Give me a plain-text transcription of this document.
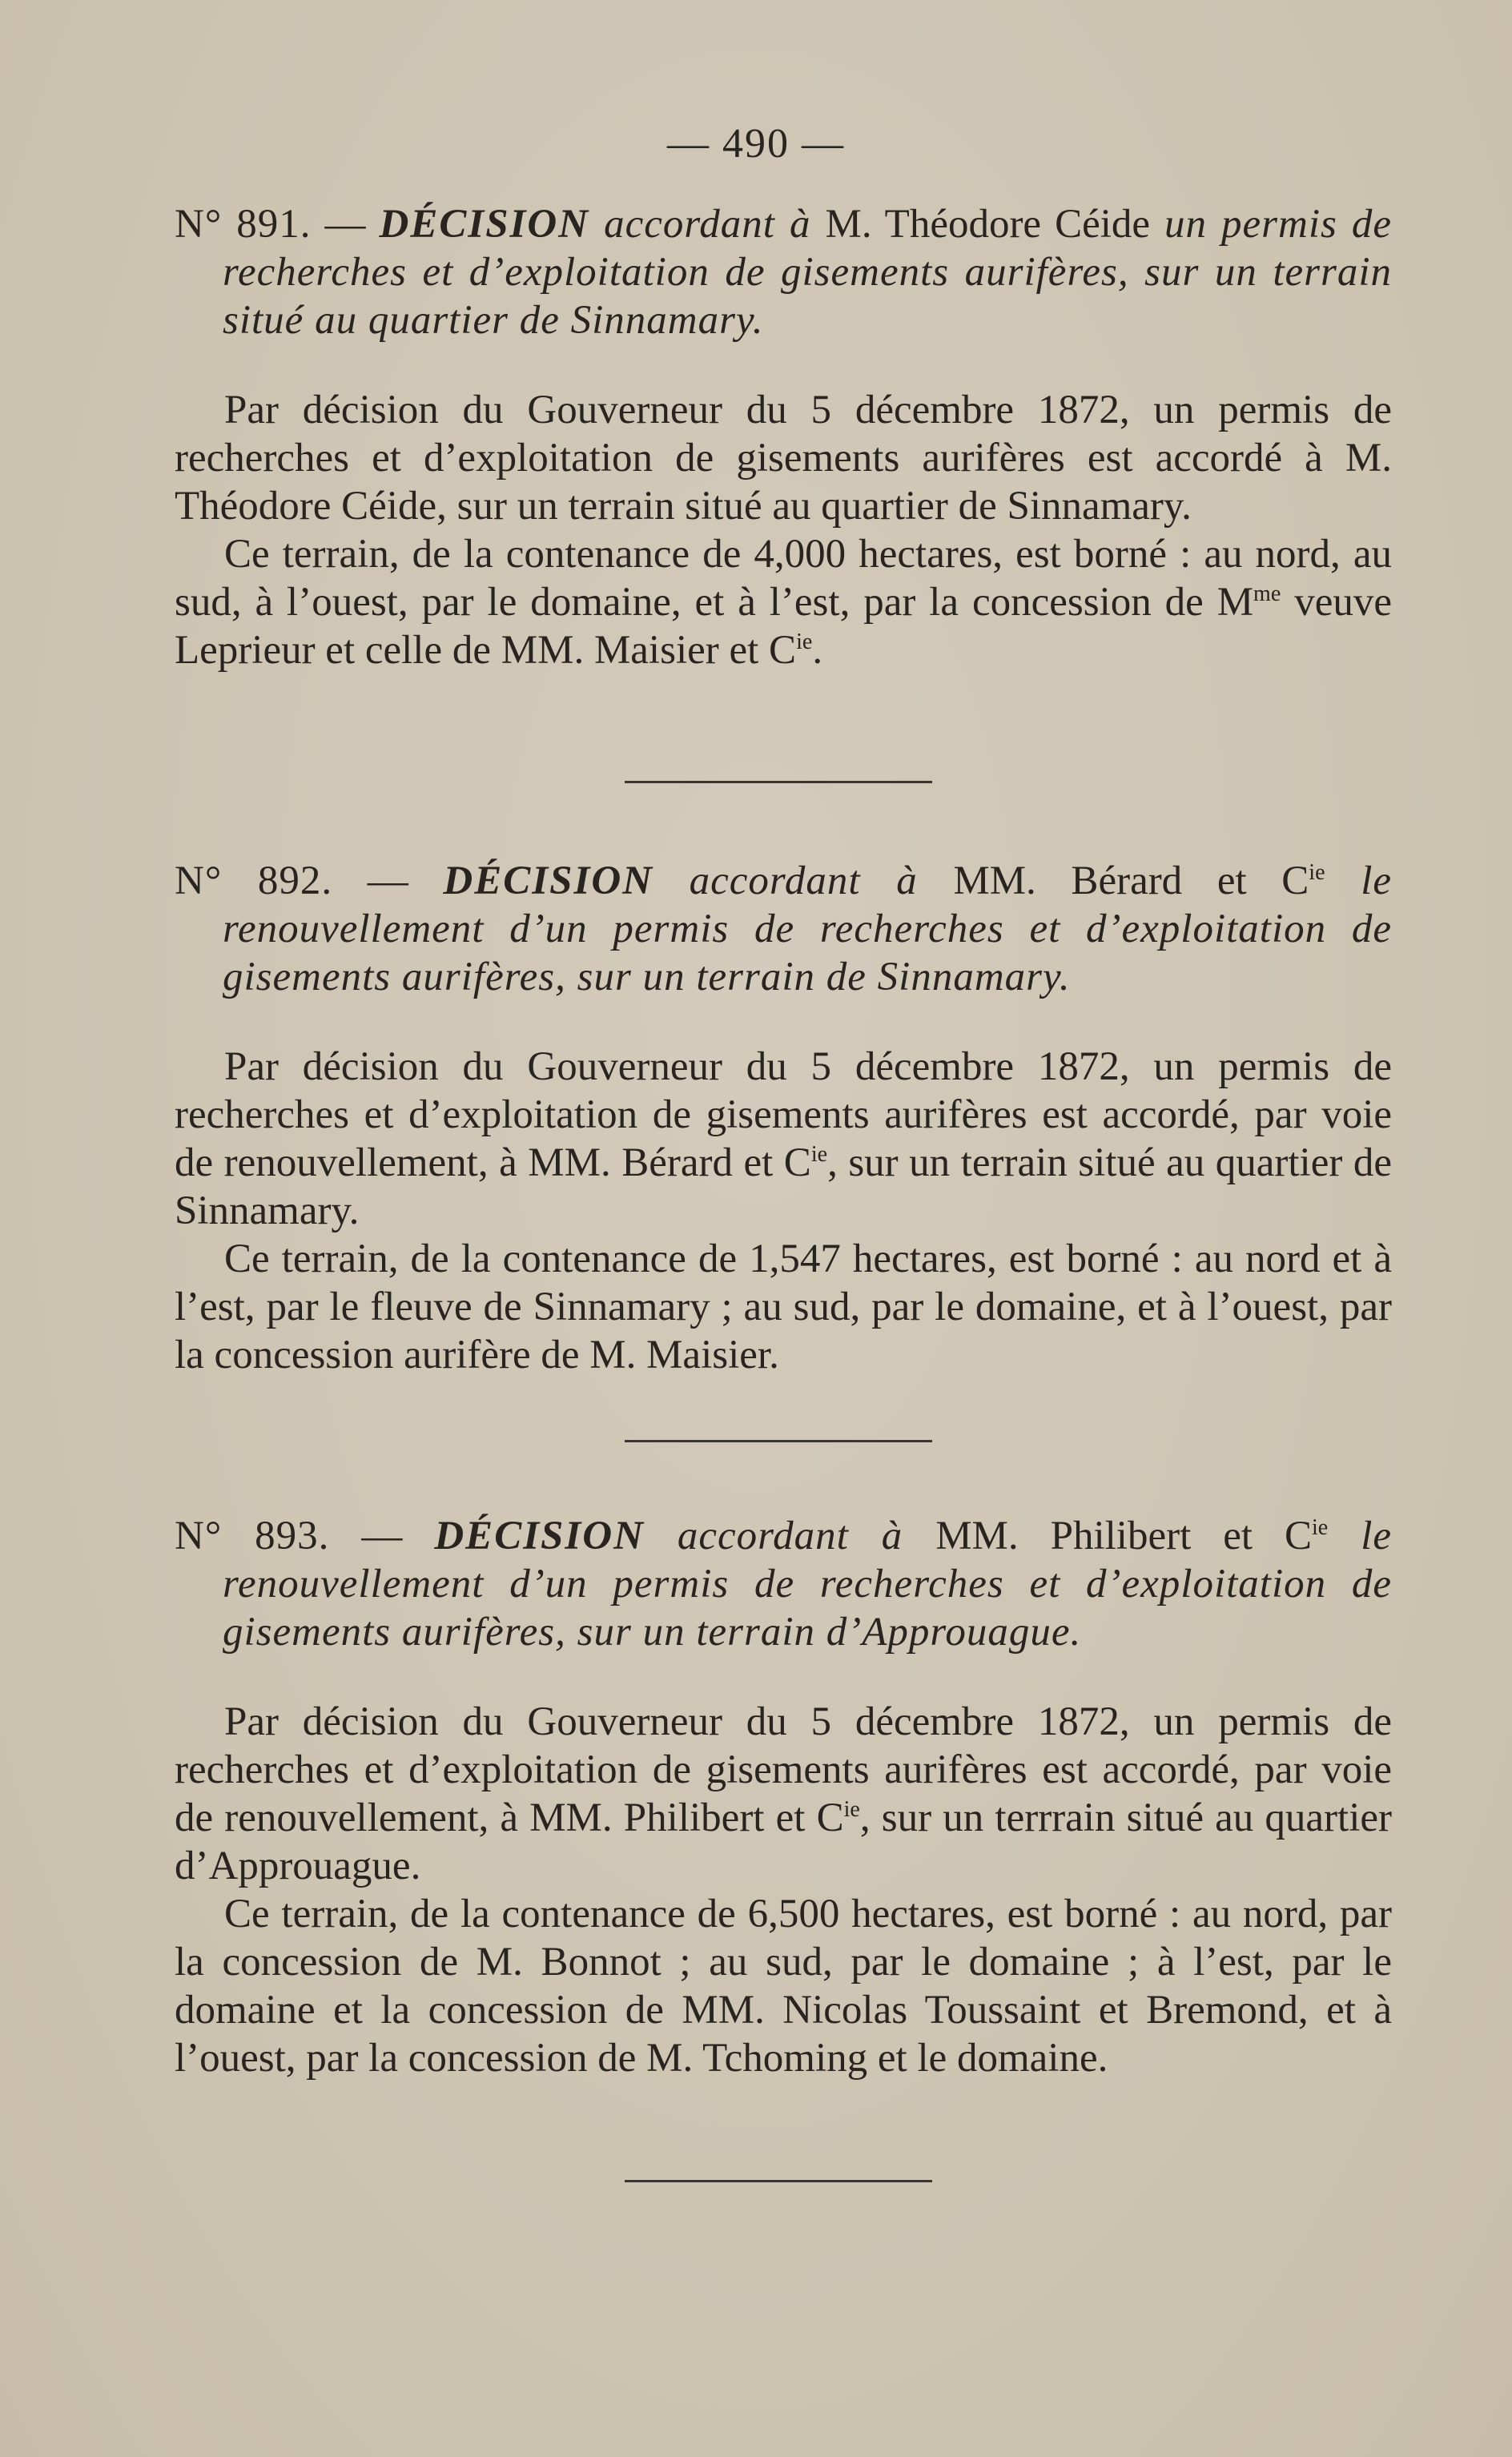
— 490 —
N° 891. — DÉCISION accordant à M. Théodore Céide un permis de recherches et d’exploitation de gisements aurifères, sur un terrain situé au quartier de Sinnamary.

Par décision du Gouverneur du 5 décembre 1872, un permis de recherches et d’exploitation de gisements aurifères est accordé à M. Théodore Céide, sur un terrain situé au quartier de Sinnamary.

Ce terrain, de la contenance de 4,000 hectares, est borné : au nord, au sud, à l’ouest, par le domaine, et à l’est, par la concession de $M^{me}$ veuve Leprieur et celle de MM. Maisier et $C^{ie}$.

N° 892. — DÉCISION accordant à MM. Bérard et $C^{ie}$ le renouvellement d’un permis de recherches et d’exploitation de gisements aurifères, sur un terrain de Sinnamary.

Par décision du Gouverneur du 5 décembre 1872, un permis de recherches et d’exploitation de gisements aurifères est accordé, par voie de renouvellement, à MM. Bérard et $C^{ie}$, sur un terrain situé au quartier de Sinnamary.

Ce terrain, de la contenance de 1,547 hectares, est borné : au nord et à l’est, par le fleuve de Sinnamary ; au sud, par le domaine, et à l’ouest, par la concession aurifère de M. Maisier.

N° 893. — DÉCISION accordant à MM. Philibert et $C^{ie}$ le renouvellement d’un permis de recherches et d’exploitation de gisements aurifères, sur un terrain d’Approuague.

Par décision du Gouverneur du 5 décembre 1872, un permis de recherches et d’exploitation de gisements aurifères est accordé, par voie de renouvellement, à MM. Philibert et $C^{ie}$, sur un terrrain situé au quartier d’Approuague.

Ce terrain, de la contenance de 6,500 hectares, est borné : au nord, par la concession de M. Bonnot ; au sud, par le domaine ; à l’est, par le domaine et la concession de MM. Nicolas Toussaint et Bremond, et à l’ouest, par la concession de M. Tchoming et le domaine.
